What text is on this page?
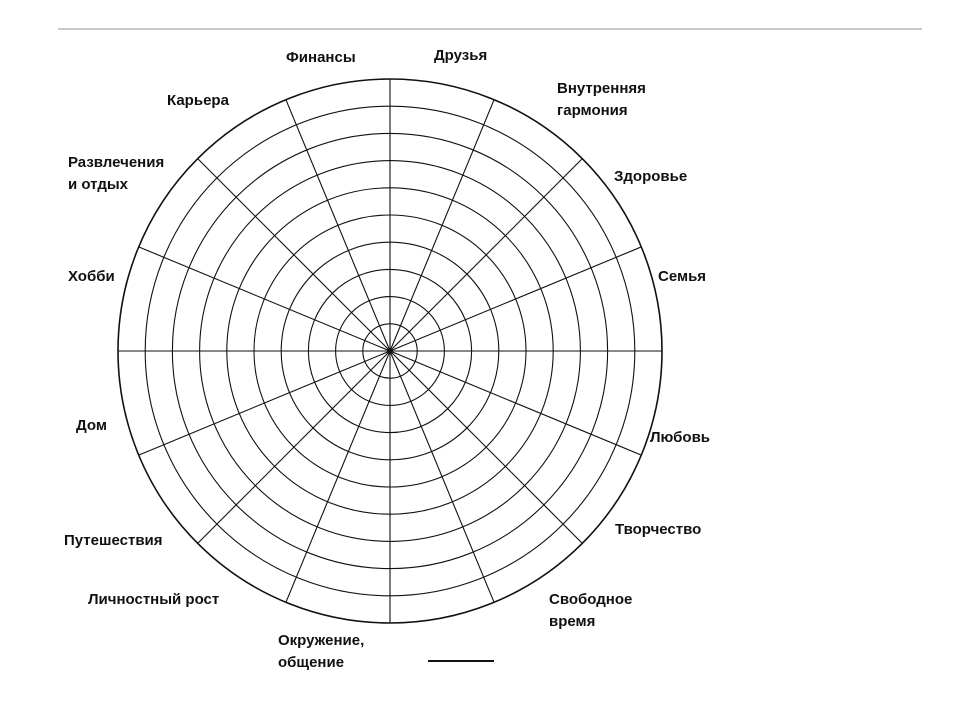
Финансы	Друзья
Внутренняя
гармония
Здоровье
Семья
Любовь
Творчество
Свободное
время
Окружение,
общение
Личностный рост
Путешествия
Дом
Хобби
Развлечения
и отдых
Карьера
